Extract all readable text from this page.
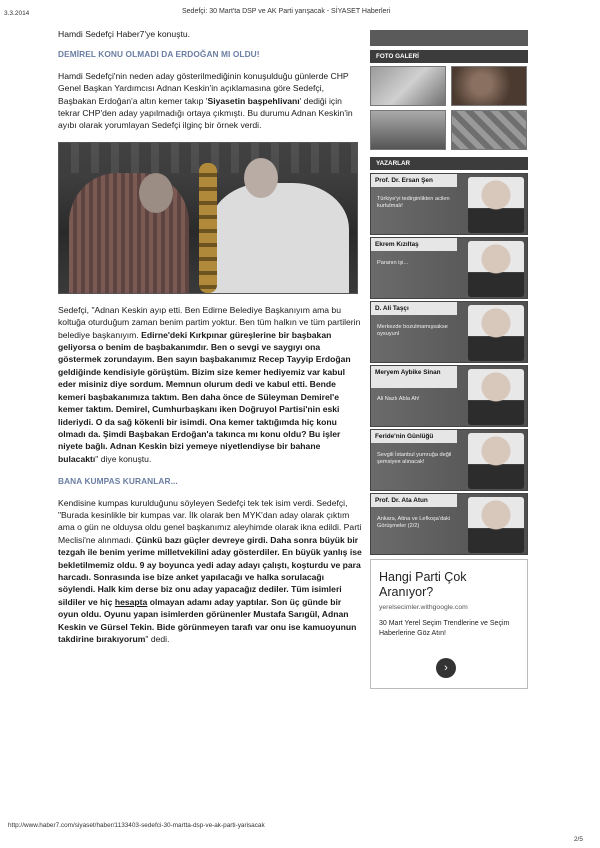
3.3.2014	Sedefçi: 30 Mart'ta DSP ve AK Parti yarışacak - SİYASET Haberleri

Hamdi Sedefçi Haber7'ye konuştu.

DEMİREL KONU OLMADI DA ERDOĞAN MI OLDU!

Hamdi Sedefçi'nin neden aday gösterilmediğinin konuşulduğu günlerde CHP Genel Başkan Yardımcısı Adnan Keskin'in açıklamasına göre Sedefçi, Başbakan Erdoğan'a altın kemer takıp 'Siyasetin başpehlivanı' dediği için tekrar CHP'den aday yapılmadığı ortaya çıkmıştı. Bu durumu Adnan Keskin'in ayıbı olarak yorumlayan Sedefçi ilginç bir örnek verdi.

Sedefçi, "Adnan Keskin ayıp etti. Ben Edirne Belediye Başkanıyım ama bu koltuğa oturduğum zaman benim partim yoktur. Ben tüm halkın ve tüm partilerin belediye başkanıyım. Edirne'deki Kırkpınar güreşlerine bir başbakan geliyorsa o benim de başbakanımdır. Ben o sevgi ve saygıyı ona göstermek zorundayım. Ben sayın başbakanımız Recep Tayyip Erdoğan geldiğinde kendisiyle görüştüm. Bizim size kemer hediyemiz var kabul eder misiniz diye sordum. Memnun olurum dedi ve kabul etti. Bende kemeri başbakanımıza taktım. Ben daha önce de Süleyman Demirel'e kemer taktım. Demirel, Cumhurbaşkanı iken Doğruyol Partisi'nin eski liderіydi. O da sağ kökenli bir isimdi. Ona kemer taktığımda hiç konu olmadı da. Şimdi Başbakan Erdoğan'a takınca mı konu oldu? Bu işler niyete bağlı. Adnan Keskin bizi yemeye niyetlendiyse bir bahane bulacaktı" diye konuştu.

BANA KUMPAS KURANLAR...

Kendisine kumpas kurulduğunu söyleyen Sedefçi tek tek isim verdi. Sedefçi, "Burada kesinlikle bir kumpas var. İlk olarak ben MYK'dan aday olarak çıktım ama o gün ne olduysa oldu genel başkanımız aleyhimde olarak ikna edildi. Parti Meclisi'ne alınmadı. Çünkü bazı güçler devreye girdi. Daha sonra büyük bir tezgah ile benim yerime milletvekilini aday gösterdiler. En büyük yanlış ise bekletilmemiz oldu. 9 ay boyunca yedi aday adayı çalıştı, koşturdu ve para harcadı. Sonrasında ise bize anket yapılacağı ve halka sorulacağı söylendi. Halk kim derse biz onu aday yapacağız dediler. Tüm isimleri sildiler ve hiç hesapta olmayan adamı aday yaptılar. Son üç günde bir oyun oldu. Oyunu yapan isimlerden görünenler Mustafa Sarıgül, Adnan Keskin ve Gürsel Tekin. Bide görünmeyen tarafı var onu ise kamuoyunun takdirine bırakıyorum" dedi.

FOTO GALERİ
YAZARLAR
Prof. Dr. Ersan Şen
Türkiye'yi tedirginlikten acilen kurtulmalı!
Ekrem Kızıltaş
Paranın işi...
D. Ali Taşçı
Merkezde bozulmamışsakse oysuyunl
Meryem Aybike Sinan
Ali Nazlı Abla Ah!
Feride'nin Günlüğü
Sevgili İstanbul yumruğa değil şemsiyeя alınacak!
Prof. Dr. Ata Atun
Ankara, Atina ve Lefkoşa'daki Görüşmeler (2/2)
Hangi Parti Çok Aranıyor?
yerelsecimler.withgoogle.com
30 Mart Yerel Seçim Trendlerine ve Seçim Haberlerine Göz Atın!
›
http://www.haber7.com/siyaset/haber/1133403-sedefci-30-martta-dsp-ve-ak-parti-yarisacak
2/5
